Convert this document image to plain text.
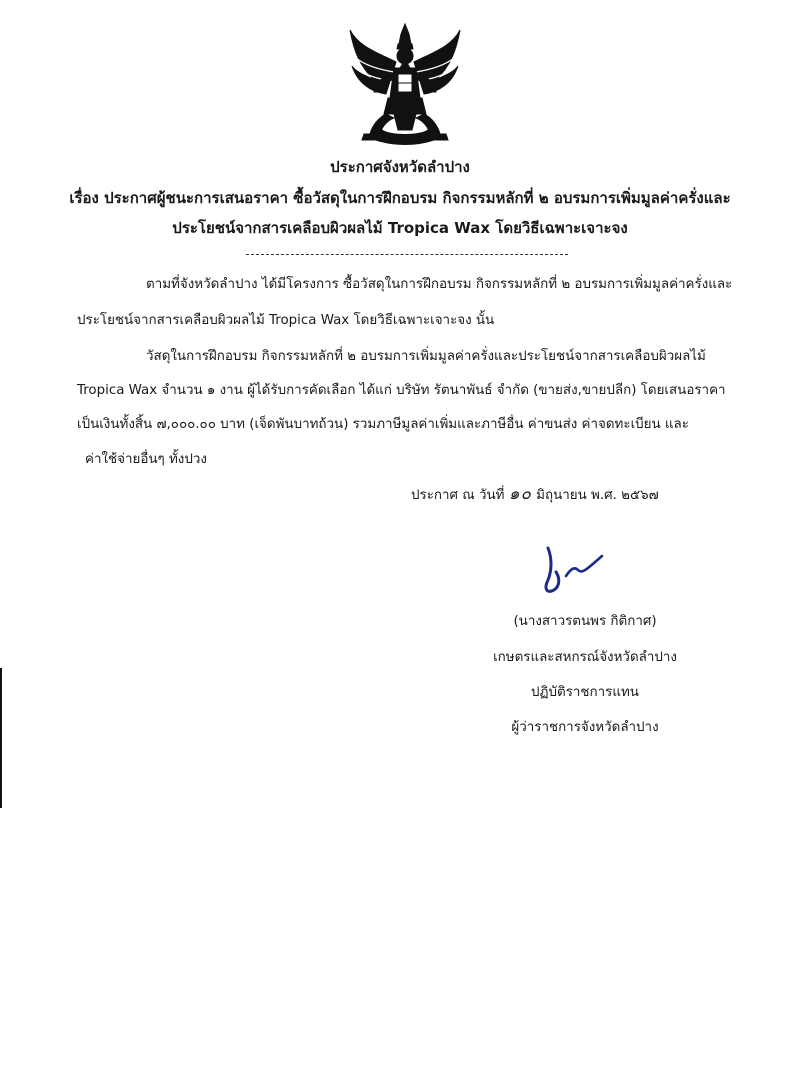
ประกาศจังหวัดลำปาง
เรื่อง ประกาศผู้ชนะการเสนอราคา ซื้อวัสดุในการฝึกอบรม กิจกรรมหลักที่ ๒ อบรมการเพิ่มมูลค่าครั่งและ
ประโยชน์จากสารเคลือบผิวผลไม้ Tropica Wax โดยวิธีเฉพาะเจาะจง
ตามที่จังหวัดลำปาง ได้มีโครงการ ซื้อวัสดุในการฝึกอบรม กิจกรรมหลักที่ ๒ อบรมการเพิ่มมูลค่าครั่งและ
ประโยชน์จากสารเคลือบผิวผลไม้ Tropica Wax โดยวิธีเฉพาะเจาะจง นั้น
วัสดุในการฝึกอบรม กิจกรรมหลักที่ ๒ อบรมการเพิ่มมูลค่าครั่งและประโยชน์จากสารเคลือบผิวผลไม้
Tropica Wax จำนวน ๑ งาน ผู้ได้รับการคัดเลือก ได้แก่ บริษัท รัตนาพันธ์ จำกัด (ขายส่ง,ขายปลีก) โดยเสนอราคา
เป็นเงินทั้งสิ้น ๗,๐๐๐.๐๐ บาท (เจ็ดพันบาทถ้วน) รวมภาษีมูลค่าเพิ่มและภาษีอื่น ค่าขนส่ง ค่าจดทะเบียน และ
ค่าใช้จ่ายอื่นๆ ทั้งปวง
ประกาศ ณ วันที่ ๑๐ มิถุนายน พ.ศ. ๒๕๖๗
(นางสาวรตนพร กิติกาศ)
เกษตรและสหกรณ์จังหวัดลำปาง
ปฏิบัติราชการแทน
ผู้ว่าราชการจังหวัดลำปาง
